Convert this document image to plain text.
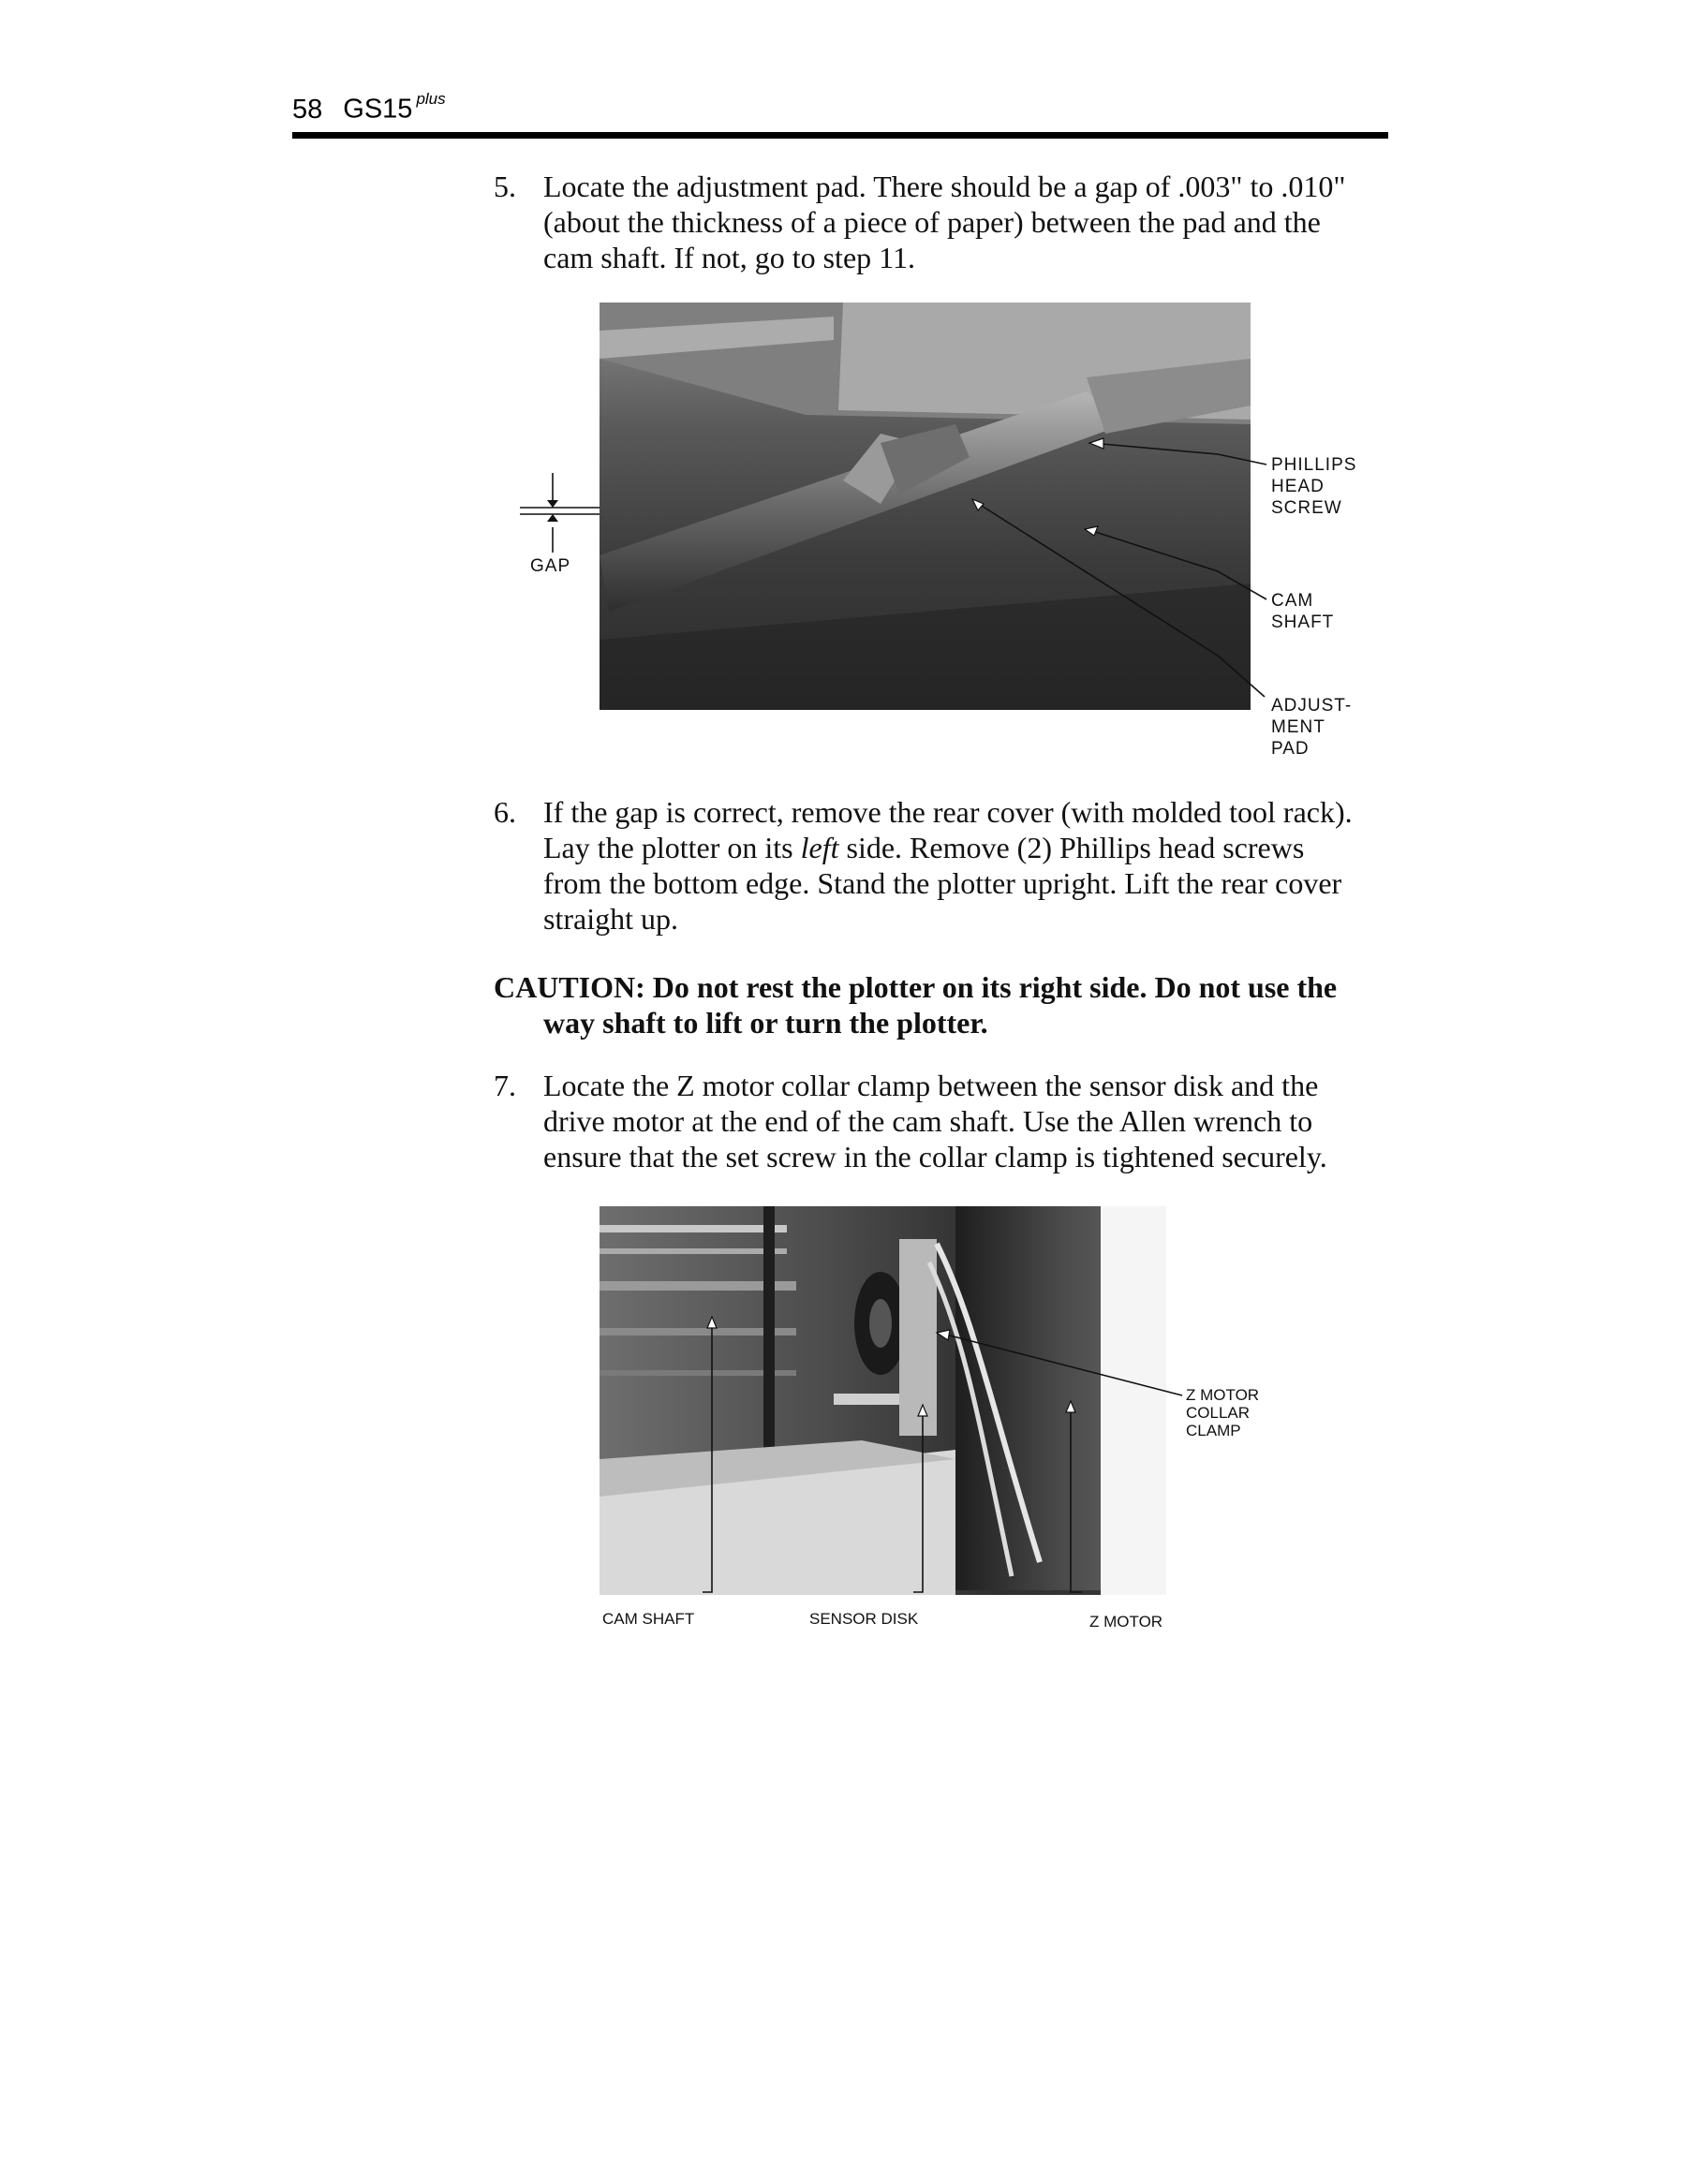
58 GS15 $^{plus}$
5. Locate the adjustment pad. There should be a gap of .003" to .010"
(about the thickness of a piece of paper) between the pad and the
cam shaft. If not, go to step 11.
GAP
PHILLIPS
HEAD
SCREW
CAM
SHAFT
ADJUST-
MENT
PAD
6. If the gap is correct, remove the rear cover (with molded tool rack).
Lay the plotter on its left side. Remove (2) Phillips head screws
from the bottom edge. Stand the plotter upright. Lift the rear cover
straight up.
CAUTION: Do not rest the plotter on its right side. Do not use the
way shaft to lift or turn the plotter.
7. Locate the Z motor collar clamp between the sensor disk and the
drive motor at the end of the cam shaft. Use the Allen wrench to
ensure that the set screw in the collar clamp is tightened securely.
Z MOTOR
COLLAR
CLAMP
CAM SHAFT	SENSOR DISK	Z MOTOR
